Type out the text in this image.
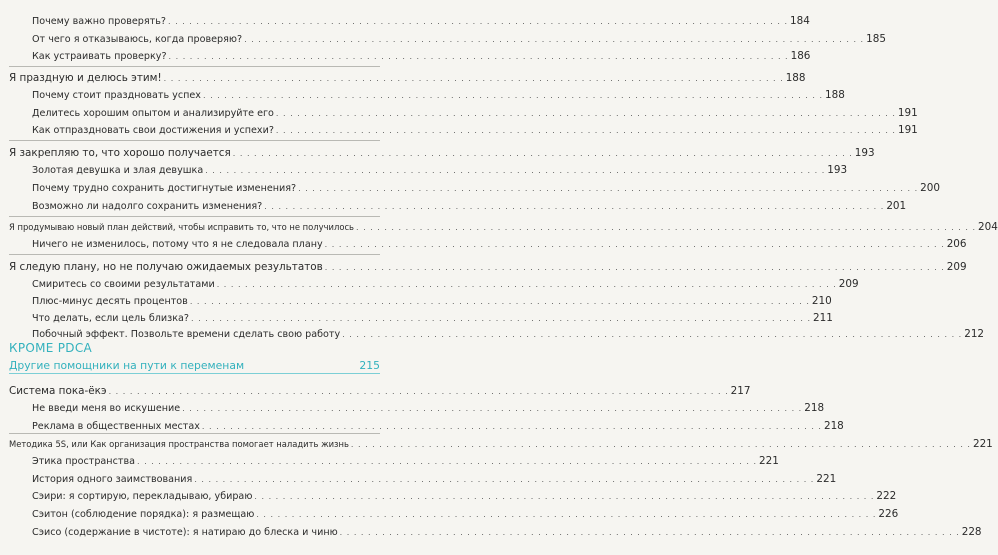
Почему важно проверять? . . . . . . . . . . . . . . . . . . . . . . . . . . . . . . . . . . . . . . . . . . . . . . . . . . . . . . . . . . . . . . . . . . . . . . . . . . . . . . . . . . . . . . . . 184
От чего я отказываюсь, когда проверяю? . . . . . . . . . . . . . . . . . . . . . . . . . . . . . . . . . . . . . . . . . . . . . . . . . . . . . . . . . . . . . . . . . . . . . . . . . . . . . . . . . . . . . . . . 185
Как устраивать проверку? . . . . . . . . . . . . . . . . . . . . . . . . . . . . . . . . . . . . . . . . . . . . . . . . . . . . . . . . . . . . . . . . . . . . . . . . . . . . . . . . . . . . . . . . 186
Я праздную и делюсь этим! . . . . . . . . . . . . . . . . . . . . . . . . . . . . . . . . . . . . . . . . . . . . . . . . . . . . . . . . . . . . . . . . . . . . . . . . . . . . . . . . . . . . . . . . 188
Почему стоит праздновать успех . . . . . . . . . . . . . . . . . . . . . . . . . . . . . . . . . . . . . . . . . . . . . . . . . . . . . . . . . . . . . . . . . . . . . . . . . . . . . . . . . . . . . . . . 188
Делитесь хорошим опытом и анализируйте его . . . . . . . . . . . . . . . . . . . . . . . . . . . . . . . . . . . . . . . . . . . . . . . . . . . . . . . . . . . . . . . . . . . . . . . . . . . . . . . . . . . . . . . . 191
Как отпраздновать свои достижения и успехи? . . . . . . . . . . . . . . . . . . . . . . . . . . . . . . . . . . . . . . . . . . . . . . . . . . . . . . . . . . . . . . . . . . . . . . . . . . . . . . . . . . . . . . . . 191
Я закрепляю то, что хорошо получается . . . . . . . . . . . . . . . . . . . . . . . . . . . . . . . . . . . . . . . . . . . . . . . . . . . . . . . . . . . . . . . . . . . . . . . . . . . . . . . . . . . . . . . . 193
Золотая девушка и злая девушка . . . . . . . . . . . . . . . . . . . . . . . . . . . . . . . . . . . . . . . . . . . . . . . . . . . . . . . . . . . . . . . . . . . . . . . . . . . . . . . . . . . . . . . . 193
Почему трудно сохранить достигнутые изменения? . . . . . . . . . . . . . . . . . . . . . . . . . . . . . . . . . . . . . . . . . . . . . . . . . . . . . . . . . . . . . . . . . . . . . . . . . . . . . . . . . . . . . . . . 200
Возможно ли надолго сохранить изменения? . . . . . . . . . . . . . . . . . . . . . . . . . . . . . . . . . . . . . . . . . . . . . . . . . . . . . . . . . . . . . . . . . . . . . . . . . . . . . . . . . . . . . . . . 201
Я продумываю новый план действий, чтобы исправить то, что не получилось . . . . . . . . . . . . . . . . . . . . . . . . . . . . . . . . . . . . . . . . . . . . . . . . . . . . . . . . . . . . . . . . . . . . . . . . . . . . . . . . . . . . . . . . 204
Ничего не изменилось, потому что я не следовала плану . . . . . . . . . . . . . . . . . . . . . . . . . . . . . . . . . . . . . . . . . . . . . . . . . . . . . . . . . . . . . . . . . . . . . . . . . . . . . . . . . . . . . . . . 206
Я следую плану, но не получаю ожидаемых результатов . . . . . . . . . . . . . . . . . . . . . . . . . . . . . . . . . . . . . . . . . . . . . . . . . . . . . . . . . . . . . . . . . . . . . . . . . . . . . . . . . . . . . . . . 209
Смиритесь со своими результатами . . . . . . . . . . . . . . . . . . . . . . . . . . . . . . . . . . . . . . . . . . . . . . . . . . . . . . . . . . . . . . . . . . . . . . . . . . . . . . . . . . . . . . . . 209
Плюс-минус десять процентов . . . . . . . . . . . . . . . . . . . . . . . . . . . . . . . . . . . . . . . . . . . . . . . . . . . . . . . . . . . . . . . . . . . . . . . . . . . . . . . . . . . . . . . . 210
Что делать, если цель близка? . . . . . . . . . . . . . . . . . . . . . . . . . . . . . . . . . . . . . . . . . . . . . . . . . . . . . . . . . . . . . . . . . . . . . . . . . . . . . . . . . . . . . . . . 211
Побочный эффект. Позвольте времени сделать свою работу . . . . . . . . . . . . . . . . . . . . . . . . . . . . . . . . . . . . . . . . . . . . . . . . . . . . . . . . . . . . . . . . . . . . . . . . . . . . . . . . . . . . . . . . 212
КРОМЕ PDCA
Другие помощники на пути к переменам	215
Система пока-ёкэ . . . . . . . . . . . . . . . . . . . . . . . . . . . . . . . . . . . . . . . . . . . . . . . . . . . . . . . . . . . . . . . . . . . . . . . . . . . . . . . . . . . . . . . . 217
Не введи меня во искушение . . . . . . . . . . . . . . . . . . . . . . . . . . . . . . . . . . . . . . . . . . . . . . . . . . . . . . . . . . . . . . . . . . . . . . . . . . . . . . . . . . . . . . . . 218
Реклама в общественных местах . . . . . . . . . . . . . . . . . . . . . . . . . . . . . . . . . . . . . . . . . . . . . . . . . . . . . . . . . . . . . . . . . . . . . . . . . . . . . . . . . . . . . . . . 218
Методика 5S, или Как организация пространства помогает наладить жизнь . . . . . . . . . . . . . . . . . . . . . . . . . . . . . . . . . . . . . . . . . . . . . . . . . . . . . . . . . . . . . . . . . . . . . . . . . . . . . . . . . . . . . . . . 221
Этика пространства . . . . . . . . . . . . . . . . . . . . . . . . . . . . . . . . . . . . . . . . . . . . . . . . . . . . . . . . . . . . . . . . . . . . . . . . . . . . . . . . . . . . . . . . 221
История одного заимствования . . . . . . . . . . . . . . . . . . . . . . . . . . . . . . . . . . . . . . . . . . . . . . . . . . . . . . . . . . . . . . . . . . . . . . . . . . . . . . . . . . . . . . . . 221
Сэири: я сортирую, перекладываю, убираю . . . . . . . . . . . . . . . . . . . . . . . . . . . . . . . . . . . . . . . . . . . . . . . . . . . . . . . . . . . . . . . . . . . . . . . . . . . . . . . . . . . . . . . . 222
Сэитон (соблюдение порядка): я размещаю . . . . . . . . . . . . . . . . . . . . . . . . . . . . . . . . . . . . . . . . . . . . . . . . . . . . . . . . . . . . . . . . . . . . . . . . . . . . . . . . . . . . . . . . 226
Сэисо (содержание в чистоте): я натираю до блеска и чиню . . . . . . . . . . . . . . . . . . . . . . . . . . . . . . . . . . . . . . . . . . . . . . . . . . . . . . . . . . . . . . . . . . . . . . . . . . . . . . . . . . . . . . . . 228
